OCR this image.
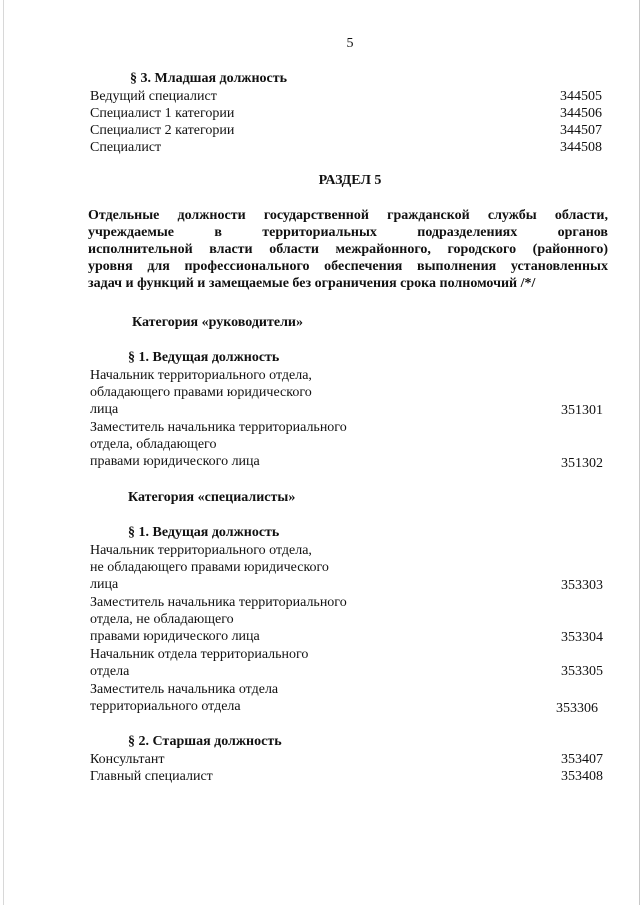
5
§ 3. Младшая должность
Ведущий специалист	344505
Специалист 1 категории	344506
Специалист 2 категории	344507
Специалист	344508
РАЗДЕЛ 5
Отдельные должности государственной гражданской службы области,
учреждаемые в территориальных подразделениях органов
исполнительной власти области межрайонного, городского (районного)
уровня для профессионального обеспечения выполнения установленных
задач и функций и замещаемые без ограничения срока полномочий /*/
Категория «руководители»
§ 1. Ведущая должность
Начальник территориального отдела,
обладающего правами юридического
лица	351301
Заместитель начальника территориального
отдела, обладающего
правами юридического лица	351302
Категория «специалисты»
§ 1. Ведущая должность
Начальник территориального отдела,
не обладающего правами юридического
лица	353303
Заместитель начальника территориального
отдела, не обладающего
правами юридического лица	353304
Начальник отдела территориального
отдела	353305
Заместитель начальника отдела
территориального отдела	353306
§ 2. Старшая должность
Консультант	353407
Главный специалист	353408
